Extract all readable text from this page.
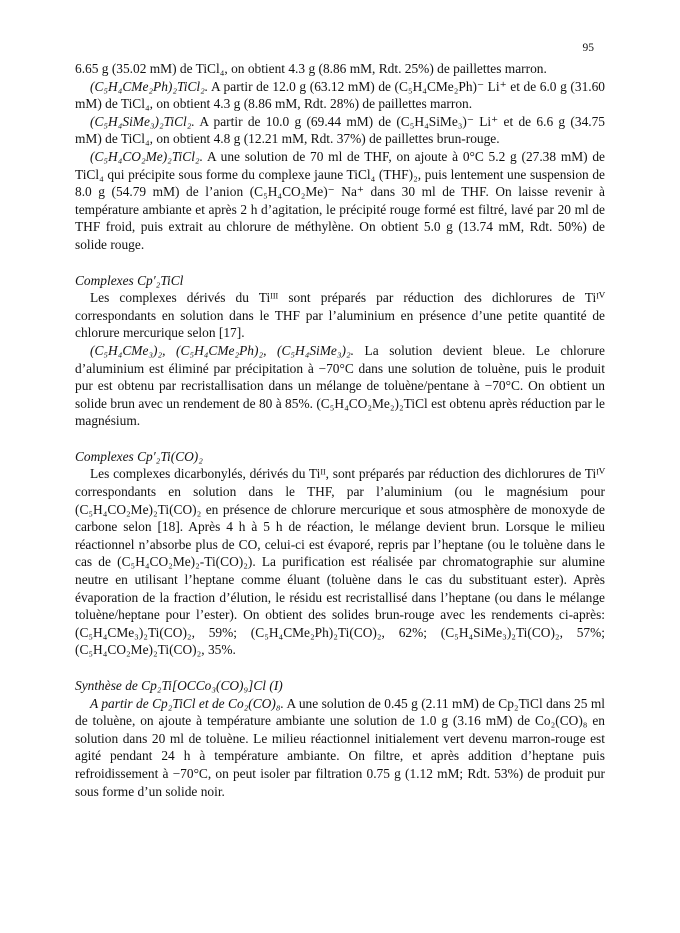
95

6.65 g (35.02 mM) de TiCl₄, on obtient 4.3 g (8.86 mM, Rdt. 25%) de paillettes marron.

(C₅H₄CMe₂Ph)₂TiCl₂. A partir de 12.0 g (63.12 mM) de (C₅H₄CMe₂Ph)⁻ Li⁺ et de 6.0 g (31.60 mM) de TiCl₄, on obtient 4.3 g (8.86 mM, Rdt. 28%) de paillettes marron.

(C₅H₄SiMe₃)₂TiCl₂. A partir de 10.0 g (69.44 mM) de (C₅H₄SiMe₃)⁻ Li⁺ et de 6.6 g (34.75 mM) de TiCl₄, on obtient 4.8 g (12.21 mM, Rdt. 37%) de paillettes brun-rouge.

(C₅H₄CO₂Me)₂TiCl₂. A une solution de 70 ml de THF, on ajoute à 0°C 5.2 g (27.38 mM) de TiCl₄ qui précipite sous forme du complexe jaune TiCl₄ (THF)₂, puis lentement une suspension de 8.0 g (54.79 mM) de l’anion (C₅H₄CO₂Me)⁻ Na⁺ dans 30 ml de THF. On laisse revenir à température ambiante et après 2 h d’agitation, le précipité rouge formé est filtré, lavé par 20 ml de THF froid, puis extrait au chlorure de méthylène. On obtient 5.0 g (13.74 mM, Rdt. 50%) de solide rouge.

Complexes Cp′₂TiCl

Les complexes dérivés du Tiᴵᴵᴵ sont préparés par réduction des dichlorures de Tiᴵⱽ correspondants en solution dans le THF par l’aluminium en présence d’une petite quantité de chlorure mercurique selon [17].

(C₅H₄CMe₃)₂, (C₅H₄CMe₂Ph)₂, (C₅H₄SiMe₃)₂. La solution devient bleue. Le chlorure d’aluminium est éliminé par précipitation à −70°C dans une solution de toluène, puis le produit pur est obtenu par recristallisation dans un mélange de toluène/pentane à −70°C. On obtient un solide brun avec un rendement de 80 à 85%. (C₅H₄CO₂Me₂)₂TiCl est obtenu après réduction par le magnésium.

Complexes Cp′₂Ti(CO)₂

Les complexes dicarbonylés, dérivés du Tiᴵᴵ, sont préparés par réduction des dichlorures de Tiᴵⱽ correspondants en solution dans le THF, par l’aluminium (ou le magnésium pour (C₅H₄CO₂Me)₂Ti(CO)₂ en présence de chlorure mercurique et sous atmosphère de monoxyde de carbone selon [18]. Après 4 h à 5 h de réaction, le mélange devient brun. Lorsque le milieu réactionnel n’absorbe plus de CO, celui-ci est évaporé, repris par l’heptane (ou le toluène dans le cas de (C₅H₄CO₂Me)₂-Ti(CO)₂). La purification est réalisée par chromatographie sur alumine neutre en utilisant l’heptane comme éluant (toluène dans le cas du substituant ester). Après évaporation de la fraction d’élution, le résidu est recristallisé dans l’heptane (ou dans le mélange toluène/heptane pour l’ester). On obtient des solides brun-rouge avec les rendements ci-après: (C₅H₄CMe₃)₂Ti(CO)₂, 59%; (C₅H₄CMe₂Ph)₂Ti(CO)₂, 62%; (C₅H₄SiMe₃)₂Ti(CO)₂, 57%; (C₅H₄CO₂Me)₂Ti(CO)₂, 35%.

Synthèse de Cp₂Ti[OCCo₃(CO)₉]Cl (I)

A partir de Cp₂TiCl et de Co₂(CO)₈. A une solution de 0.45 g (2.11 mM) de Cp₂TiCl dans 25 ml de toluène, on ajoute à température ambiante une solution de 1.0 g (3.16 mM) de Co₂(CO)₈ en solution dans 20 ml de toluène. Le milieu réactionnel initialement vert devenu marron-rouge est agité pendant 24 h à température ambiante. On filtre, et après addition d’heptane puis refroidissement à −70°C, on peut isoler par filtration 0.75 g (1.12 mM; Rdt. 53%) de produit pur sous forme d’un solide noir.
